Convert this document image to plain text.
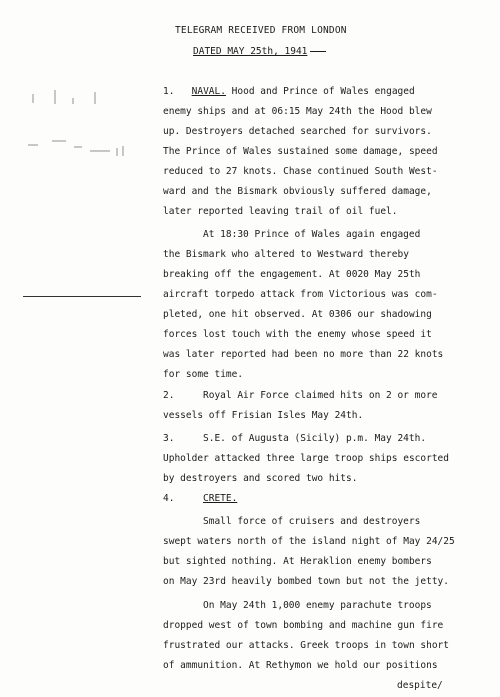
TELEGRAM RECEIVED FROM LONDON
DATED MAY 25th, 1941
1. NAVAL. Hood and Prince of Wales engaged
enemy ships and at 06:15 May 24th the Hood blew
up. Destroyers detached searched for survivors.
The Prince of Wales sustained some damage, speed
reduced to 27 knots. Chase continued South West-
ward and the Bismark obviously suffered damage,
later reported leaving trail of oil fuel.
At 18:30 Prince of Wales again engaged
the Bismark who altered to Westward thereby
breaking off the engagement. At 0020 May 25th
aircraft torpedo attack from Victorious was com-
pleted, one hit observed. At 0306 our shadowing
forces lost touch with the enemy whose speed it
was later reported had been no more than 22 knots
for some time.
2.	Royal Air Force claimed hits on 2 or more
vessels off Frisian Isles May 24th.
3.	S.E. of Augusta (Sicily) p.m. May 24th.
Upholder attacked three large troop ships escorted
by destroyers and scored two hits.
4.	CRETE.
Small force of cruisers and destroyers
swept waters north of the island night of May 24/25
but sighted nothing. At Heraklion enemy bombers
on May 23rd heavily bombed town but not the jetty.
On May 24th 1,000 enemy parachute troops
dropped west of town bombing and machine gun fire
frustrated our attacks. Greek troops in town short
of ammunition. At Rethymon we hold our positions
despite/
